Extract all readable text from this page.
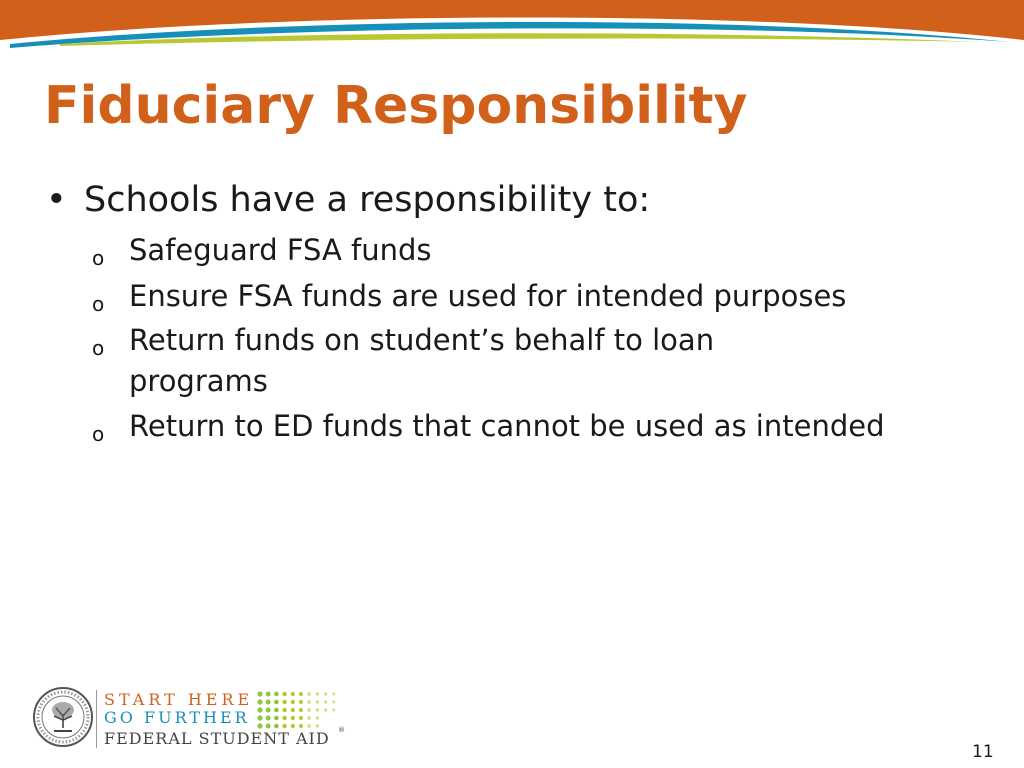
Fiduciary Responsibility
• Schools have a responsibility to:
o Safeguard FSA funds
o Ensure FSA funds are used for intended purposes
o Return funds on student’s behalf to loan programs
o Return to ED funds that cannot be used as intended
START HERE
GO FURTHER
FEDERAL STUDENT AID ®
11
